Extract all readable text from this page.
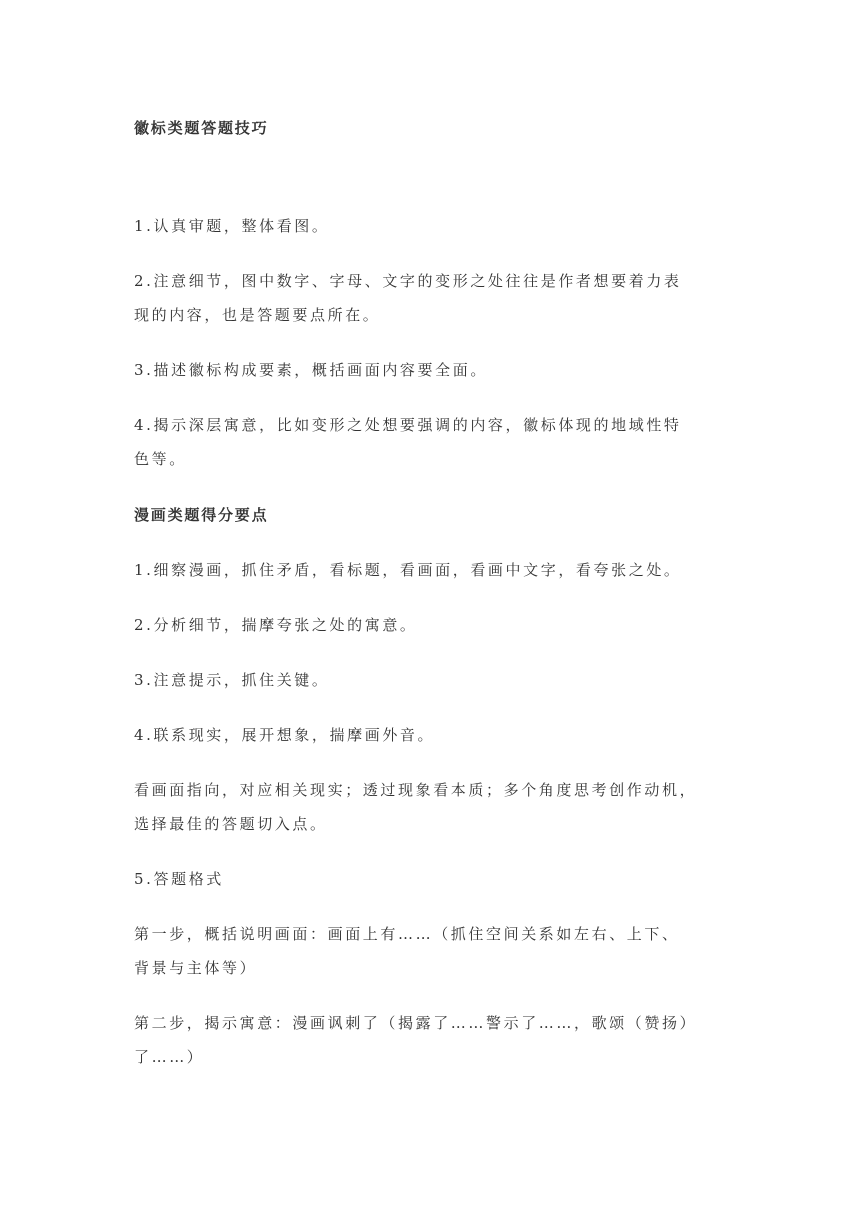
徽标类题答题技巧
1.认真审题，整体看图。
2.注意细节，图中数字、字母、文字的变形之处往往是作者想要着力表
现的内容，也是答题要点所在。
3.描述徽标构成要素，概括画面内容要全面。
4.揭示深层寓意，比如变形之处想要强调的内容，徽标体现的地域性特
色等。
漫画类题得分要点
1.细察漫画，抓住矛盾，看标题，看画面，看画中文字，看夸张之处。
2.分析细节，揣摩夸张之处的寓意。
3.注意提示，抓住关键。
4.联系现实，展开想象，揣摩画外音。
看画面指向，对应相关现实；透过现象看本质；多个角度思考创作动机，
选择最佳的答题切入点。
5.答题格式
第一步，概括说明画面：画面上有……（抓住空间关系如左右、上下、
背景与主体等）
第二步，揭示寓意：漫画讽刺了（揭露了……警示了……，歌颂（赞扬）
了……）
